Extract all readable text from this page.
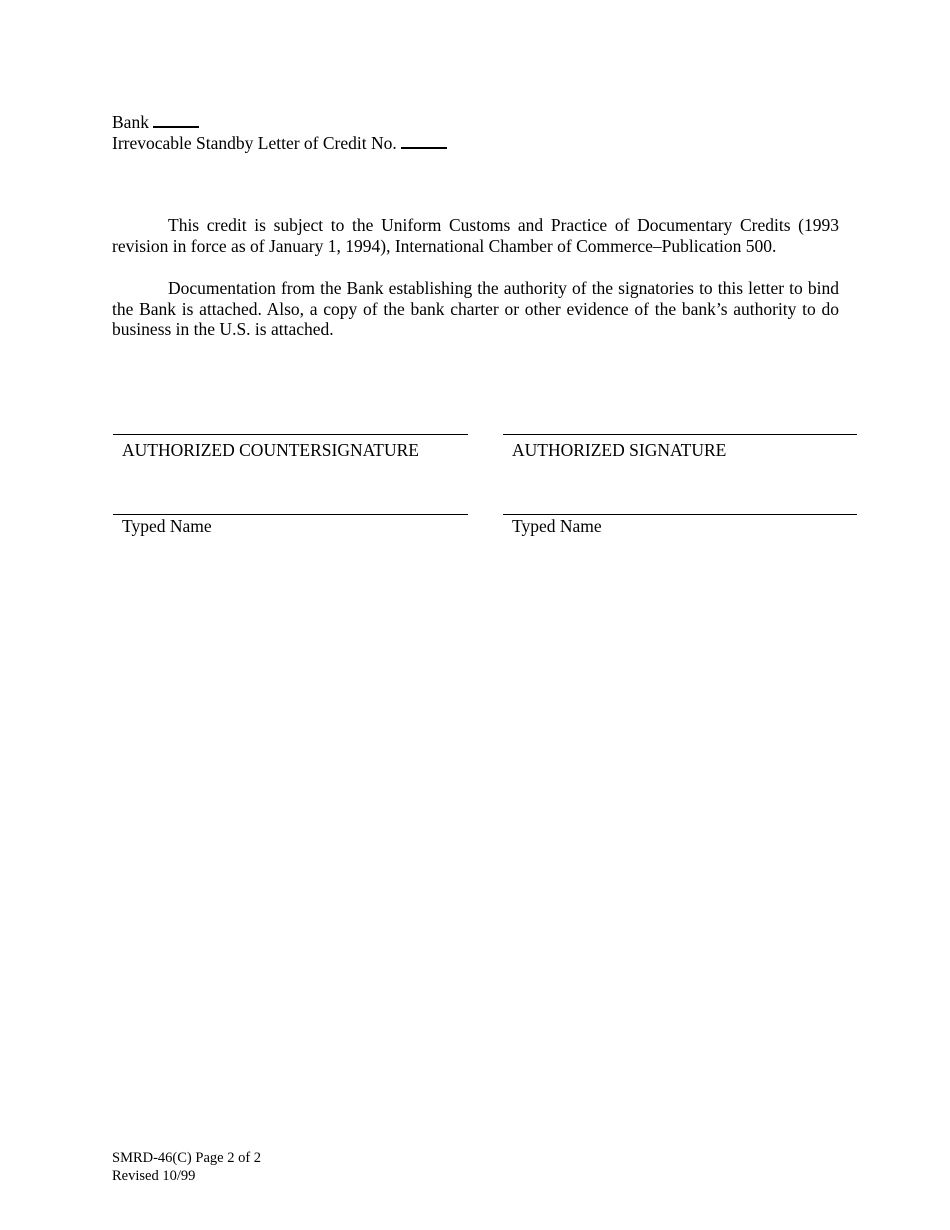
Bank
Irrevocable Standby Letter of Credit No.

This credit is subject to the Uniform Customs and Practice of Documentary Credits (1993 revision in force as of January 1, 1994), International Chamber of Commerce–Publication 500.

Documentation from the Bank establishing the authority of the signatories to this letter to bind the Bank is attached. Also, a copy of the bank charter or other evidence of the bank’s authority to do business in the U.S. is attached.

AUTHORIZED COUNTERSIGNATURE	AUTHORIZED SIGNATURE
Typed Name	Typed Name
SMRD-46(C) Page 2 of 2
Revised 10/99
